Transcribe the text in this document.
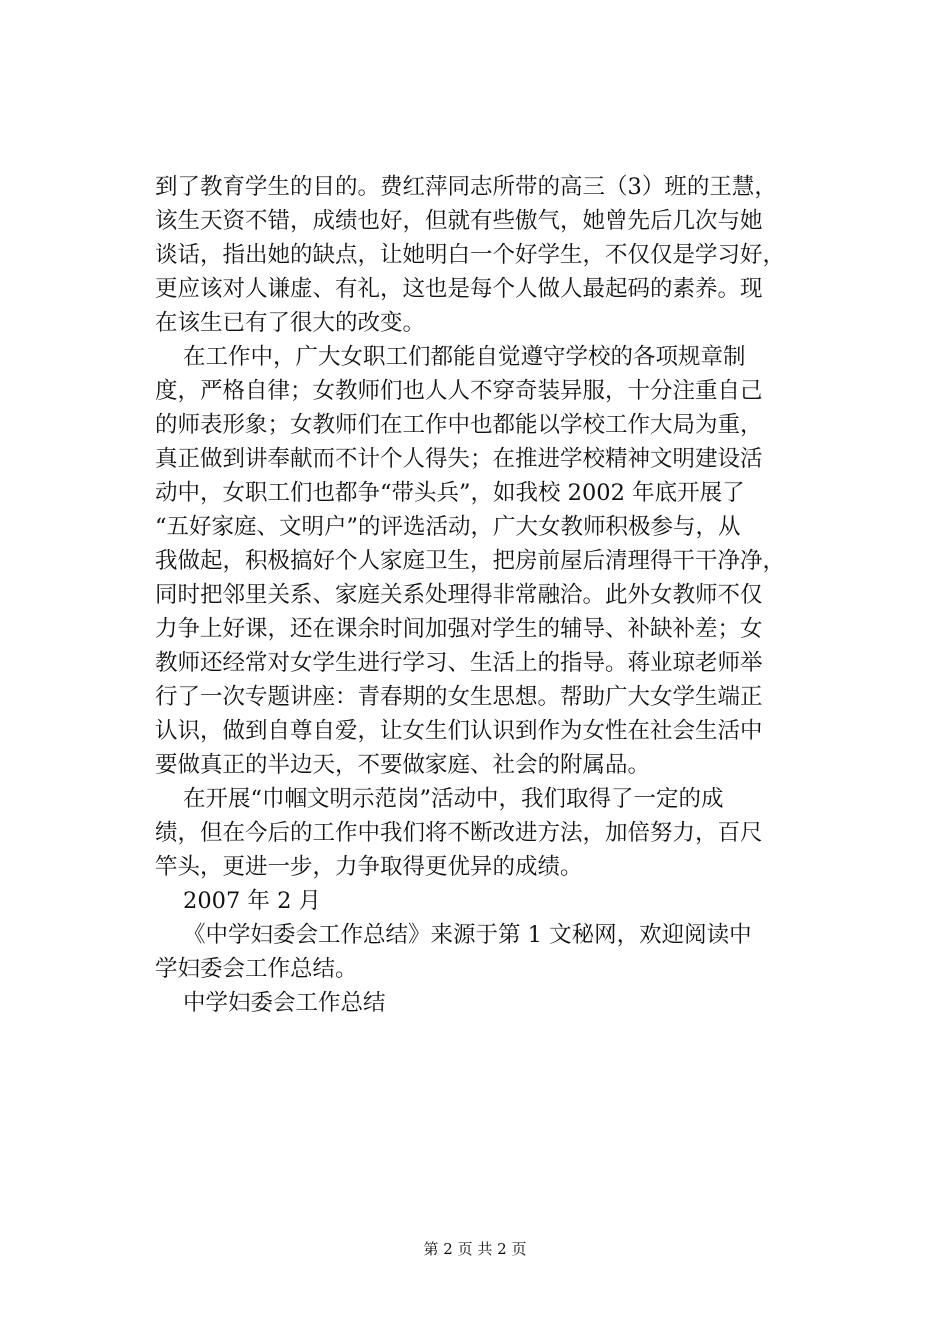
到了教育学生的目的。费红萍同志所带的高三（3）班的王慧，
该生天资不错，成绩也好，但就有些傲气，她曾先后几次与她
谈话，指出她的缺点，让她明白一个好学生，不仅仅是学习好，
更应该对人谦虚、有礼，这也是每个人做人最起码的素养。现
在该生已有了很大的改变。
在工作中，广大女职工们都能自觉遵守学校的各项规章制
度，严格自律；女教师们也人人不穿奇装异服，十分注重自己
的师表形象；女教师们在工作中也都能以学校工作大局为重，
真正做到讲奉献而不计个人得失；在推进学校精神文明建设活
动中，女职工们也都争“带头兵”，如我校 2002 年底开展了
“五好家庭、文明户”的评选活动，广大女教师积极参与，从
我做起，积极搞好个人家庭卫生，把房前屋后清理得干干净净，
同时把邻里关系、家庭关系处理得非常融洽。此外女教师不仅
力争上好课，还在课余时间加强对学生的辅导、补缺补差；女
教师还经常对女学生进行学习、生活上的指导。蒋业琼老师举
行了一次专题讲座：青春期的女生思想。帮助广大女学生端正
认识，做到自尊自爱，让女生们认识到作为女性在社会生活中
要做真正的半边天，不要做家庭、社会的附属品。
在开展“巾帼文明示范岗”活动中，我们取得了一定的成
绩，但在今后的工作中我们将不断改进方法，加倍努力，百尺
竿头，更进一步，力争取得更优异的成绩。
2007 年 2 月
《中学妇委会工作总结》来源于第 1 文秘网，欢迎阅读中
学妇委会工作总结。
中学妇委会工作总结
第 2 页 共 2 页
